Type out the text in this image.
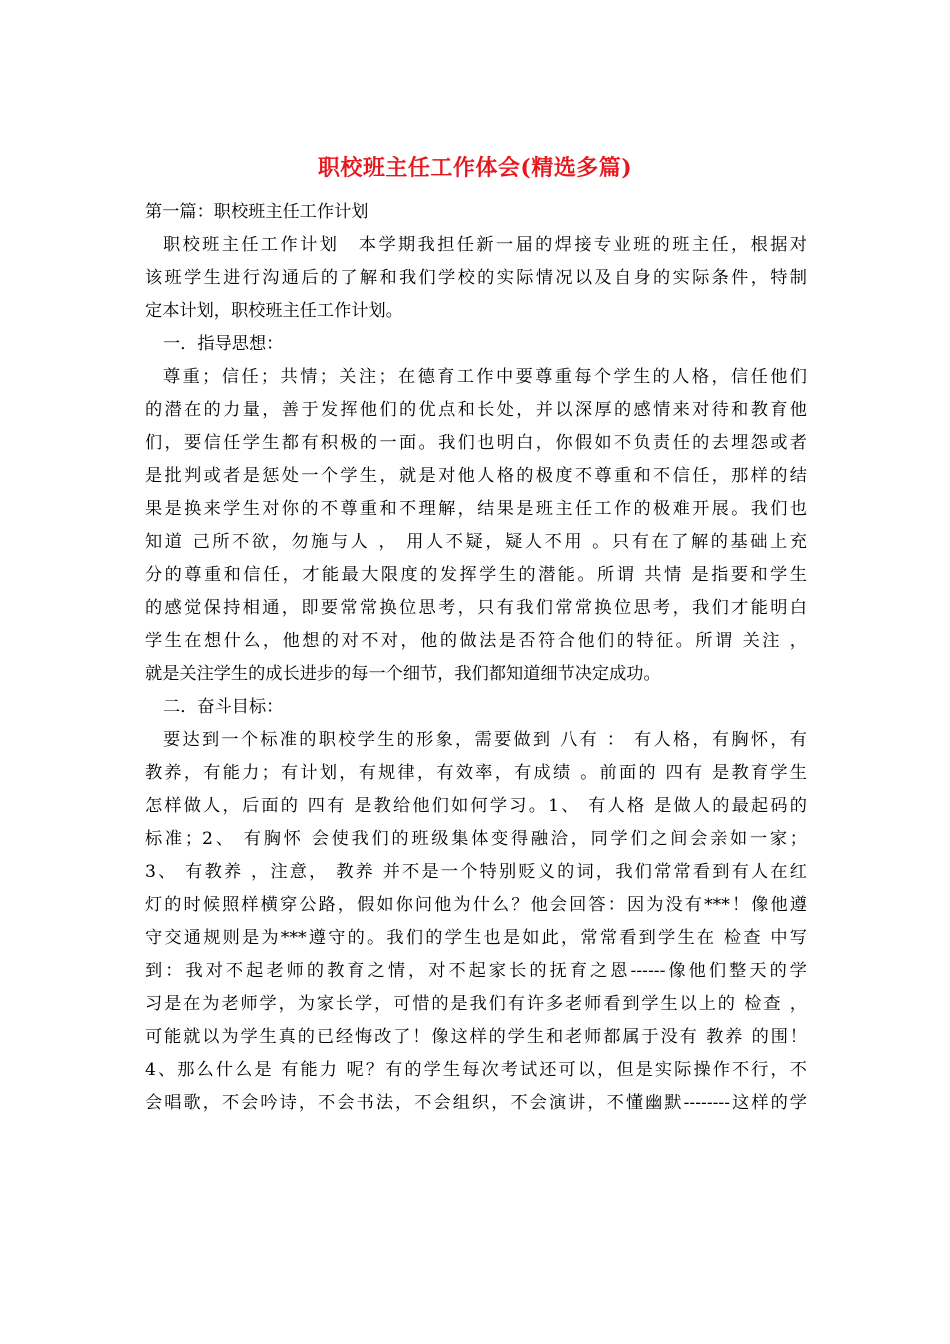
职校班主任工作体会(精选多篇)
第一篇：职校班主任工作计划
职校班主任工作计划　本学期我担任新一届的焊接专业班的班主任，根据对
该班学生进行沟通后的了解和我们学校的实际情况以及自身的实际条件，特制
定本计划，职校班主任工作计划。
一．指导思想：
尊重；信任；共情；关注；在德育工作中要尊重每个学生的人格，信任他们
的潜在的力量，善于发挥他们的优点和长处，并以深厚的感情来对待和教育他
们，要信任学生都有积极的一面。我们也明白，你假如不负责任的去埋怨或者
是批判或者是惩处一个学生，就是对他人格的极度不尊重和不信任，那样的结
果是换来学生对你的不尊重和不理解，结果是班主任工作的极难开展。我们也
知道 己所不欲，勿施与人 ， 用人不疑，疑人不用 。只有在了解的基础上充
分的尊重和信任，才能最大限度的发挥学生的潜能。所谓 共情 是指要和学生
的感觉保持相通，即要常常换位思考，只有我们常常换位思考，我们才能明白
学生在想什么，他想的对不对，他的做法是否符合他们的特征。所谓 关注 ，
就是关注学生的成长进步的每一个细节，我们都知道细节决定成功。
二．奋斗目标：
要达到一个标准的职校学生的形象，需要做到 八有 ： 有人格，有胸怀，有
教养，有能力；有计划，有规律，有效率，有成绩 。前面的 四有 是教育学生
怎样做人，后面的 四有 是教给他们如何学习。1、 有人格 是做人的最起码的
标准；2、 有胸怀 会使我们的班级集体变得融洽，同学们之间会亲如一家；
3、 有教养 ，注意， 教养 并不是一个特别贬义的词，我们常常看到有人在红
灯的时候照样横穿公路，假如你问他为什么？他会回答：因为没有***！像他遵
守交通规则是为***遵守的。我们的学生也是如此，常常看到学生在 检查 中写
到：我对不起老师的教育之情，对不起家长的抚育之恩------像他们整天的学
习是在为老师学，为家长学，可惜的是我们有许多老师看到学生以上的 检查 ，
可能就以为学生真的已经悔改了！像这样的学生和老师都属于没有 教养 的围！
4、那么什么是 有能力 呢？有的学生每次考试还可以，但是实际操作不行，不
会唱歌，不会吟诗，不会书法，不会组织，不会演讲，不懂幽默--------这样的学
